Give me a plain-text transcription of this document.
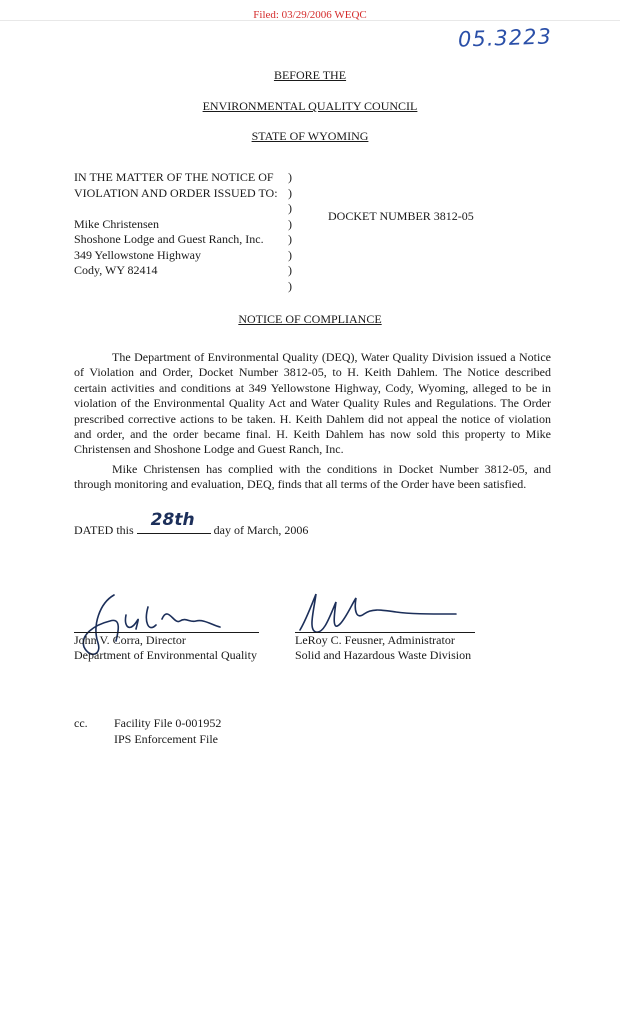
Filed: 03/29/2006 WEQC
05.3223
BEFORE THE
ENVIRONMENTAL QUALITY COUNCIL
STATE OF WYOMING
IN THE MATTER OF THE NOTICE OF
VIOLATION AND ORDER ISSUED TO:
Mike Christensen
Shoshone Lodge and Guest Ranch, Inc.
349 Yellowstone Highway
Cody, WY 82414
)
)
)
)
)
)
)
)
DOCKET NUMBER 3812-05
NOTICE OF COMPLIANCE
The Department of Environmental Quality (DEQ), Water Quality Division issued a Notice of Violation and Order, Docket Number 3812-05, to H. Keith Dahlem. The Notice described certain activities and conditions at 349 Yellowstone Highway, Cody, Wyoming, alleged to be in violation of the Environmental Quality Act and Water Quality Rules and Regulations. The Order prescribed corrective actions to be taken. H. Keith Dahlem did not appeal the notice of violation and order, and the order became final. H. Keith Dahlem has now sold this property to Mike Christensen and Shoshone Lodge and Guest Ranch, Inc.
Mike Christensen has complied with the conditions in Docket Number 3812-05, and through monitoring and evaluation, DEQ, finds that all terms of the Order have been satisfied.
DATED this 28th day of March, 2006
John V. Corra, Director
Department of Environmental Quality
LeRoy C. Feusner, Administrator
Solid and Hazardous Waste Division
cc. Facility File 0-001952
IPS Enforcement File
